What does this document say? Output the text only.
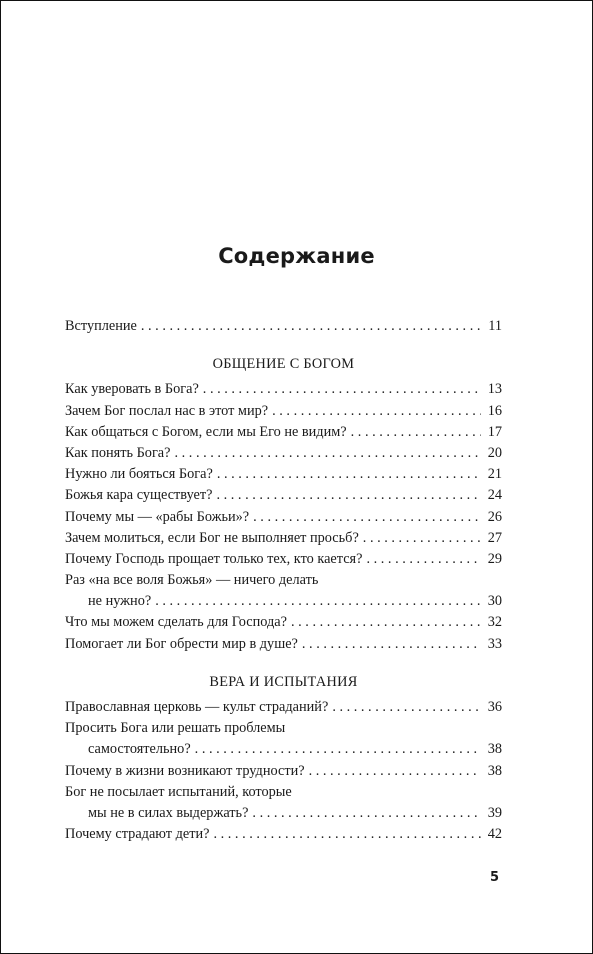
Содержание
Вступление . . .	11
ОБЩЕНИЕ С БОГОМ
Как уверовать в Бога? . . .	13
Зачем Бог послал нас в этот мир? . . .	16
Как общаться с Богом, если мы Его не видим? . . .	17
Как понять Бога? . . .	20
Нужно ли бояться Бога? . . .	21
Божья кара существует? . . .	24
Почему мы — «рабы Божьи»? . . .	26
Зачем молиться, если Бог не выполняет просьб? . . .	27
Почему Господь прощает только тех, кто кается? . . .	29
Раз «на все воля Божья» — ничего делать
не нужно? . . .	30
Что мы можем сделать для Господа? . . .	32
Помогает ли Бог обрести мир в душе? . . .	33
ВЕРА И ИСПЫТАНИЯ
Православная церковь — культ страданий? . . .	36
Просить Бога или решать проблемы
самостоятельно? . . .	38
Почему в жизни возникают трудности? . . .	38
Бог не посылает испытаний, которые
мы не в силах выдержать? . . .	39
Почему страдают дети? . . .	42
5
